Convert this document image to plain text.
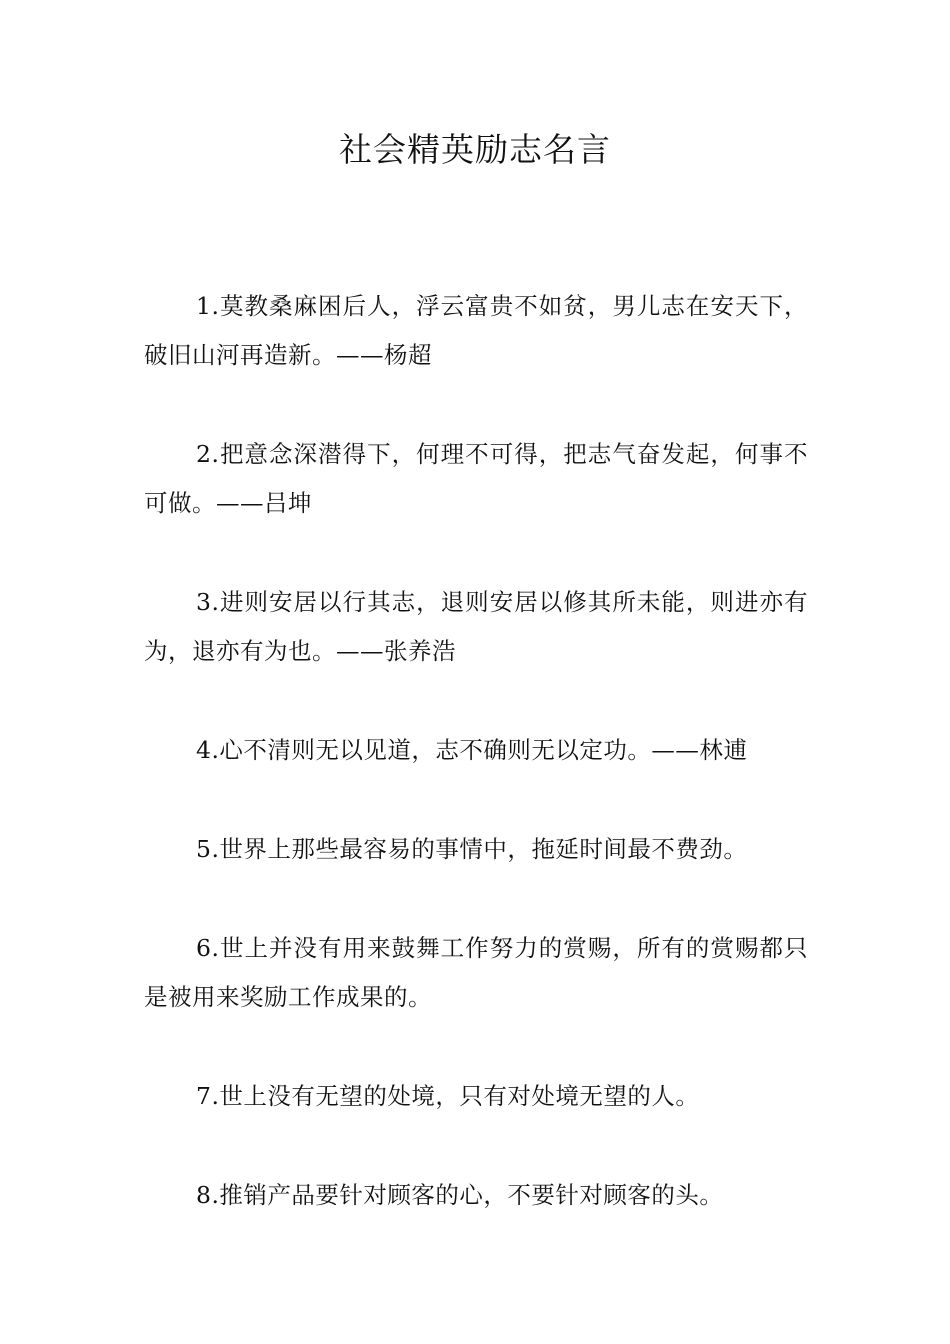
社会精英励志名言

1.莫教桑麻困后人，浮云富贵不如贫，男儿志在安天下，破旧山河再造新。——杨超

2.把意念深潜得下，何理不可得，把志气奋发起，何事不可做。——吕坤

3.进则安居以行其志，退则安居以修其所未能，则进亦有为，退亦有为也。——张养浩

4.心不清则无以见道，志不确则无以定功。——林逋

5.世界上那些最容易的事情中，拖延时间最不费劲。

6.世上并没有用来鼓舞工作努力的赏赐，所有的赏赐都只是被用来奖励工作成果的。

7.世上没有无望的处境，只有对处境无望的人。

8.推销产品要针对顾客的心，不要针对顾客的头。
